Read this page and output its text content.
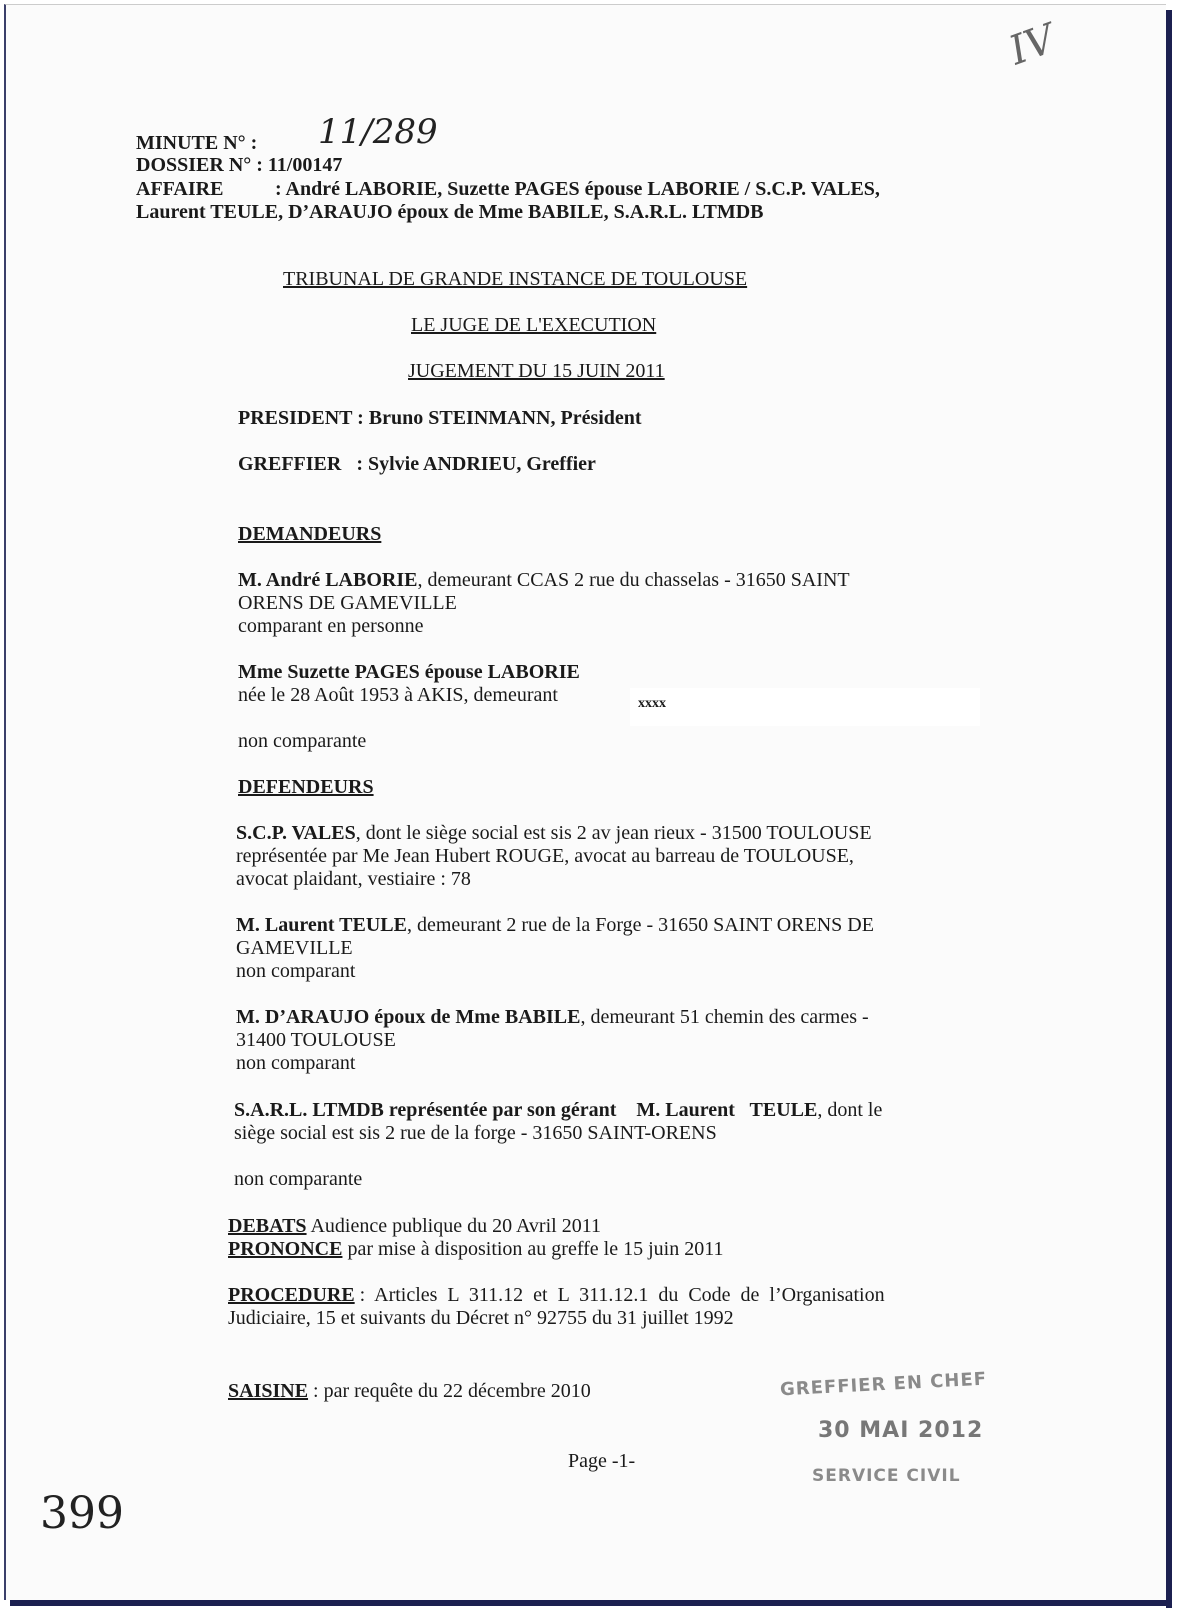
IV
MINUTE N° : 11/289
DOSSIER N° : 11/00147
AFFAIRE	: André LABORIE, Suzette PAGES épouse LABORIE / S.C.P. VALES,
Laurent TEULE, D’ARAUJO époux de Mme BABILE, S.A.R.L. LTMDB
TRIBUNAL DE GRANDE INSTANCE DE TOULOUSE
LE JUGE DE L'EXECUTION
JUGEMENT DU 15 JUIN 2011
PRESIDENT : Bruno STEINMANN, Président
GREFFIER   : Sylvie ANDRIEU, Greffier
DEMANDEURS
M. André LABORIE, demeurant CCAS 2 rue du chasselas - 31650 SAINT
ORENS DE GAMEVILLE
comparant en personne
Mme Suzette PAGES épouse LABORIE
née le 28 Août 1953 à AKIS, demeurant	xxxx
non comparante
DEFENDEURS
S.C.P. VALES, dont le siège social est sis 2 av jean rieux - 31500 TOULOUSE
représentée par Me Jean Hubert ROUGE, avocat au barreau de TOULOUSE,
avocat plaidant, vestiaire : 78
M. Laurent TEULE, demeurant 2 rue de la Forge - 31650 SAINT ORENS DE
GAMEVILLE
non comparant
M. D’ARAUJO époux de Mme BABILE, demeurant 51 chemin des carmes -
31400 TOULOUSE
non comparant
S.A.R.L. LTMDB représentée par son gérant    M. Laurent   TEULE, dont le
siège social est sis 2 rue de la forge - 31650 SAINT-ORENS
non comparante
DEBATS Audience publique du 20 Avril 2011
PRONONCE par mise à disposition au greffe le 15 juin 2011
PROCEDURE :  Articles  L  311.12  et  L  311.12.1  du  Code  de  l’Organisation
Judiciaire, 15 et suivants du Décret n° 92755 du 31 juillet 1992
SAISINE : par requête du 22 décembre 2010	GREFFIER EN CHEF
30 MAI 2012
SERVICE CIVIL
Page -1-
399
